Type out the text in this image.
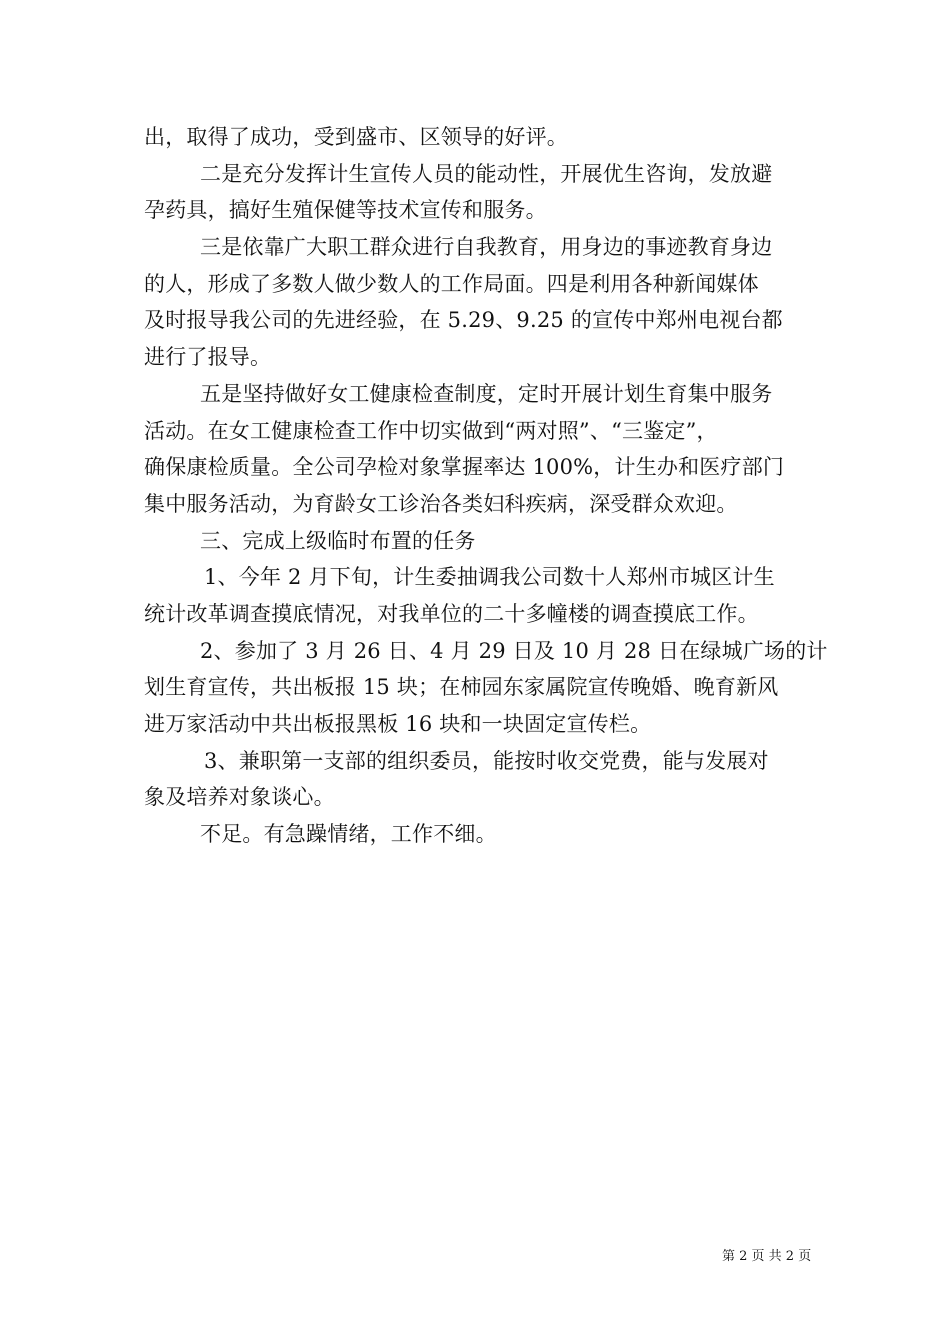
出，取得了成功，受到盛市、区领导的好评。
二是充分发挥计生宣传人员的能动性，开展优生咨询，发放避
孕药具，搞好生殖保健等技术宣传和服务。
三是依靠广大职工群众进行自我教育，用身边的事迹教育身边
的人，形成了多数人做少数人的工作局面。四是利用各种新闻媒体
及时报导我公司的先进经验，在 5.29、9.25 的宣传中郑州电视台都
进行了报导。
五是坚持做好女工健康检查制度，定时开展计划生育集中服务
活动。在女工健康检查工作中切实做到“两对照”、“三鉴定”，
确保康检质量。全公司孕检对象掌握率达 100%，计生办和医疗部门
集中服务活动，为育龄女工诊治各类妇科疾病，深受群众欢迎。
三、完成上级临时布置的任务
1、今年 2 月下旬，计生委抽调我公司数十人郑州市城区计生
统计改革调查摸底情况，对我单位的二十多幢楼的调查摸底工作。
2、参加了 3 月 26 日、4 月 29 日及 10 月 28 日在绿城广场的计
划生育宣传，共出板报 15 块；在柿园东家属院宣传晚婚、晚育新风
进万家活动中共出板报黑板 16 块和一块固定宣传栏。
3、兼职第一支部的组织委员，能按时收交党费，能与发展对
象及培养对象谈心。
不足。有急躁情绪，工作不细。
第 2 页 共 2 页
